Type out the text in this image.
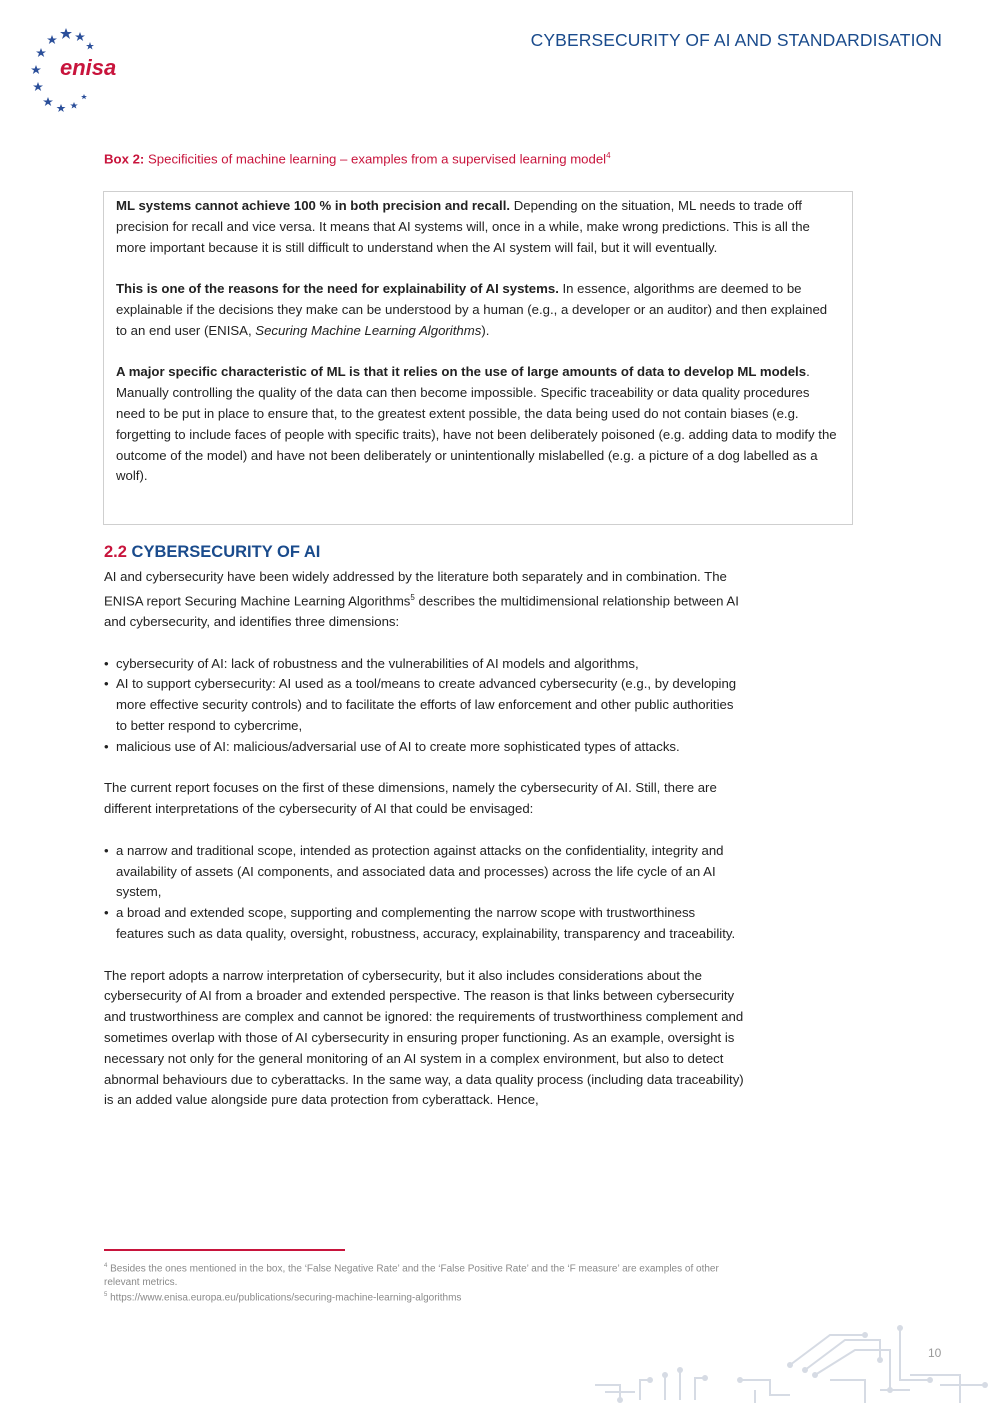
CYBERSECURITY OF AI AND STANDARDISATION
enisa
Box 2: Specificities of machine learning – examples from a supervised learning model$^4$

ML systems cannot achieve 100 % in both precision and recall. Depending on the situation, ML needs to trade off precision for recall and vice versa. It means that AI systems will, once in a while, make wrong predictions. This is all the more important because it is still difficult to understand when the AI system will fail, but it will eventually.

This is one of the reasons for the need for explainability of AI systems. In essence, algorithms are deemed to be explainable if the decisions they make can be understood by a human (e.g., a developer or an auditor) and then explained to an end user (ENISA, Securing Machine Learning Algorithms).

A major specific characteristic of ML is that it relies on the use of large amounts of data to develop ML models. Manually controlling the quality of the data can then become impossible. Specific traceability or data quality procedures need to be put in place to ensure that, to the greatest extent possible, the data being used do not contain biases (e.g. forgetting to include faces of people with specific traits), have not been deliberately poisoned (e.g. adding data to modify the outcome of the model) and have not been deliberately or unintentionally mislabelled (e.g. a picture of a dog labelled as a wolf).

2.2 CYBERSECURITY OF AI

AI and cybersecurity have been widely addressed by the literature both separately and in combination. The ENISA report Securing Machine Learning Algorithms$^5$ describes the multidimensional relationship between AI and cybersecurity, and identifies three dimensions:

• cybersecurity of AI: lack of robustness and the vulnerabilities of AI models and algorithms,
• AI to support cybersecurity: AI used as a tool/means to create advanced cybersecurity (e.g., by developing more effective security controls) and to facilitate the efforts of law enforcement and other public authorities to better respond to cybercrime,
• malicious use of AI: malicious/adversarial use of AI to create more sophisticated types of attacks.

The current report focuses on the first of these dimensions, namely the cybersecurity of AI. Still, there are different interpretations of the cybersecurity of AI that could be envisaged:

• a narrow and traditional scope, intended as protection against attacks on the confidentiality, integrity and availability of assets (AI components, and associated data and processes) across the life cycle of an AI system,
• a broad and extended scope, supporting and complementing the narrow scope with trustworthiness features such as data quality, oversight, robustness, accuracy, explainability, transparency and traceability.

The report adopts a narrow interpretation of cybersecurity, but it also includes considerations about the cybersecurity of AI from a broader and extended perspective. The reason is that links between cybersecurity and trustworthiness are complex and cannot be ignored: the requirements of trustworthiness complement and sometimes overlap with those of AI cybersecurity in ensuring proper functioning. As an example, oversight is necessary not only for the general monitoring of an AI system in a complex environment, but also to detect abnormal behaviours due to cyberattacks. In the same way, a data quality process (including data traceability) is an added value alongside pure data protection from cyberattack. Hence,

$^4$ Besides the ones mentioned in the box, the ‘False Negative Rate’ and the ‘False Positive Rate’ and the ‘F measure’ are examples of other relevant metrics.
$^5$ https://www.enisa.europa.eu/publications/securing-machine-learning-algorithms
10
